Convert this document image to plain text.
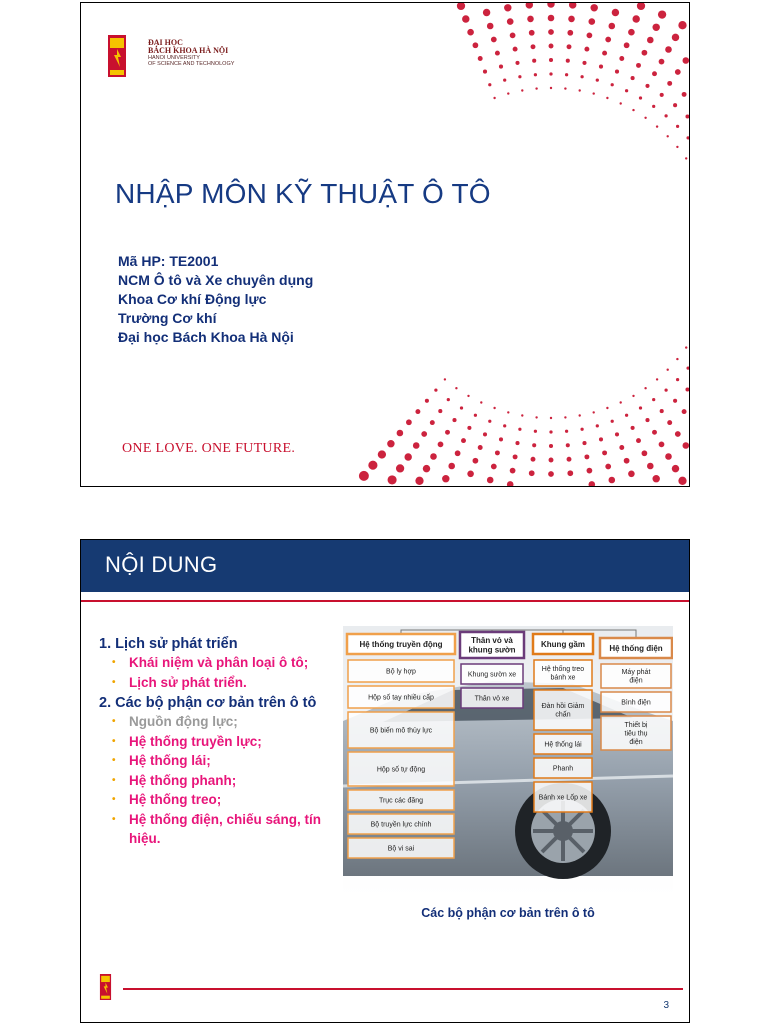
ĐẠI HỌC
BÁCH KHOA HÀ NỘI
HANOI UNIVERSITY
OF SCIENCE AND TECHNOLOGY
NHẬP MÔN KỸ THUẬT Ô TÔ
Mã HP: TE2001
NCM Ô tô và Xe chuyên dụng
Khoa Cơ khí Động lực
Trường Cơ khí
Đại học Bách Khoa Hà Nội
ONE LOVE. ONE FUTURE.
NỘI DUNG
1. Lịch sử phát triển
• Khái niệm và phân loại ô tô;
• Lịch sử phát triển.
2. Các bộ phận cơ bản trên ô tô
• Nguồn động lực;
• Hệ thống truyền lực;
• Hệ thống lái;
• Hệ thống phanh;
• Hệ thống treo;
• Hệ thống điện, chiếu sáng, tín hiệu.
Hệ thống truyền động
Bộ ly hợp
Hộp số tay nhiều cấp
Bộ biến mô thủy lực
Hộp số tự động
Trục các đăng
Bộ truyền lực chính
Bộ vi sai
Thân vỏ và
khung sườn
Khung sườn xe
Thân vỏ xe
Khung gầm
Hệ thống treo
bánh xe
Đàn hồi Giảm
chấn
Hệ thống lái
Phanh
Bánh xe Lốp xe
Hệ thống điện
Máy phát
điện
Bình điện
Thiết bị
tiêu thụ
điện
Các bộ phận cơ bản trên ô tô
3
